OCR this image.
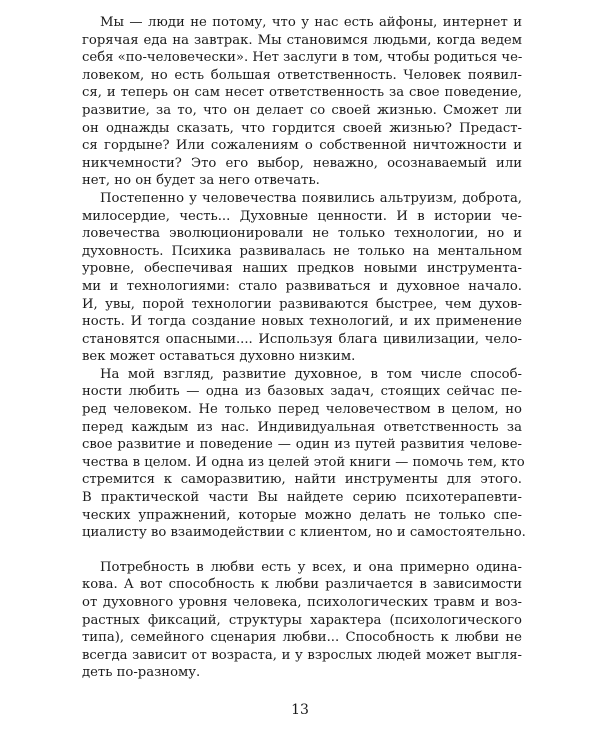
Мы — люди не потому, что у нас есть айфоны, интернет и
горячая еда на завтрак. Мы становимся людьми, когда ведем
себя «по-человечески». Нет заслуги в том, чтобы родиться че-
ловеком, но есть большая ответственность. Человек появил-
ся, и теперь он сам несет ответственность за свое поведение,
развитие, за то, что он делает со своей жизнью. Сможет ли
он однажды сказать, что гордится своей жизнью? Предаст-
ся гордыне? Или сожалениям о собственной ничтожности и
никчемности? Это его выбор, неважно, осознаваемый или
нет, но он будет за него отвечать.
Постепенно у человечества появились альтруизм, доброта,
милосердие, честь... Духовные ценности. И в истории че-
ловечества эволюционировали не только технологии, но и
духовность. Психика развивалась не только на ментальном
уровне, обеспечивая наших предков новыми инструмента-
ми и технологиями: стало развиваться и духовное начало.
И, увы, порой технологии развиваются быстрее, чем духов-
ность. И тогда создание новых технологий, и их применение
становятся опасными.... Используя блага цивилизации, чело-
век может оставаться духовно низким.
На мой взгляд, развитие духовное, в том числе способ-
ности любить — одна из базовых задач, стоящих сейчас пе-
ред человеком. Не только перед человечеством в целом, но
перед каждым из нас. Индивидуальная ответственность за
свое развитие и поведение — один из путей развития челове-
чества в целом. И одна из целей этой книги — помочь тем, кто
стремится к саморазвитию, найти инструменты для этого.
В практической части Вы найдете серию психотерапевти-
ческих упражнений, которые можно делать не только спе-
циалисту во взаимодействии с клиентом, но и самостоятельно.
Потребность в любви есть у всех, и она примерно одина-
кова. А вот способность к любви различается в зависимости
от духовного уровня человека, психологических травм и воз-
растных фиксаций, структуры характера (психологического
типа), семейного сценария любви... Способность к любви не
всегда зависит от возраста, и у взрослых людей может выгля-
деть по-разному.
13
